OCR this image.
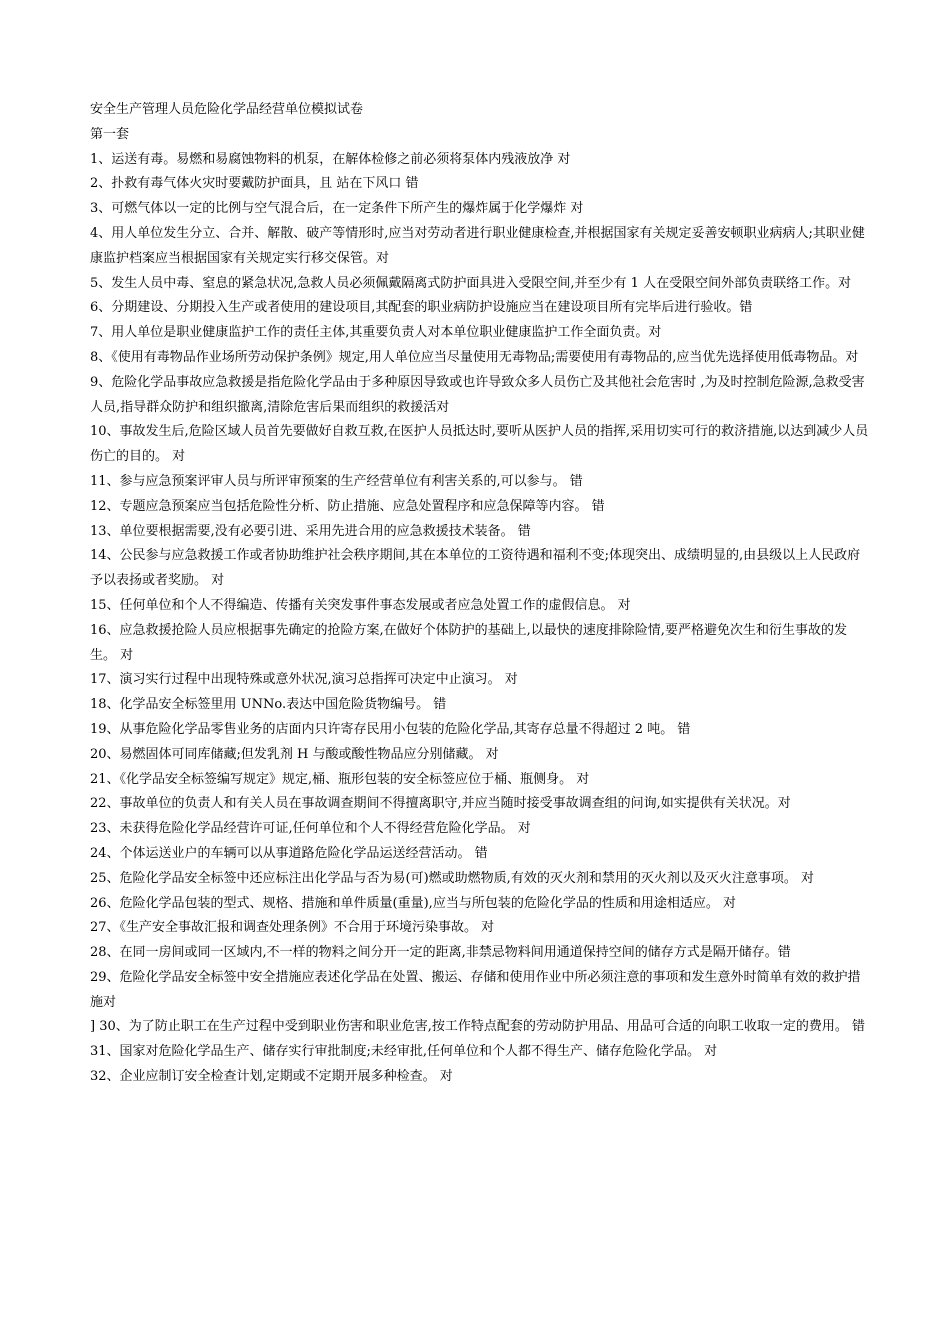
安全生产管理人员危险化学品经营单位模拟试卷

第一套

1、运送有毒。易燃和易腐蚀物料的机泵，在解体检修之前必须将泵体内残液放净 对

2、扑救有毒气体火灾时要戴防护面具，且 站在下风口 错

3、可燃气体以一定的比例与空气混合后，在一定条件下所产生的爆炸属于化学爆炸 对

4、用人单位发生分立、合并、解散、破产等情形时,应当对劳动者进行职业健康检查,并根据国家有关规定妥善安顿职业病病人;其职业健康监护档案应当根据国家有关规定实行移交保管。对

5、发生人员中毒、窒息的紧急状况,急救人员必须佩戴隔离式防护面具进入受限空间,并至少有 1 人在受限空间外部负责联络工作。对

6、分期建设、分期投入生产或者使用的建设项目,其配套的职业病防护设施应当在建设项目所有完毕后进行验收。错

7、用人单位是职业健康监护工作的责任主体,其重要负责人对本单位职业健康监护工作全面负责。对

8、《使用有毒物品作业场所劳动保护条例》规定,用人单位应当尽量使用无毒物品;需要使用有毒物品的,应当优先选择使用低毒物品。对

9、危险化学品事故应急救援是指危险化学品由于多种原因导致或也许导致众多人员伤亡及其他社会危害时 ,为及时控制危险源,急救受害人员,指导群众防护和组织撤离,清除危害后果而组织的救援活对

10、事故发生后,危险区域人员首先要做好自救互救,在医护人员抵达时,要听从医护人员的指挥,采用切实可行的救济措施,以达到减少人员伤亡的目的。 对

11、参与应急预案评审人员与所评审预案的生产经营单位有利害关系的,可以参与。 错

12、专题应急预案应当包括危险性分析、防止措施、应急处置程序和应急保障等内容。 错

13、单位要根据需要,没有必要引进、采用先进合用的应急救援技术装备。 错

14、公民参与应急救援工作或者协助维护社会秩序期间,其在本单位的工资待遇和福利不变;体现突出、成绩明显的,由县级以上人民政府予以表扬或者奖励。 对

15、任何单位和个人不得编造、传播有关突发事件事态发展或者应急处置工作的虚假信息。 对

16、应急救援抢险人员应根据事先确定的抢险方案,在做好个体防护的基础上,以最快的速度排除险情,要严格避免次生和衍生事故的发生。 对

17、演习实行过程中出现特殊或意外状况,演习总指挥可决定中止演习。 对

18、化学品安全标签里用 UNNo.表达中国危险货物编号。 错

19、从事危险化学品零售业务的店面内只许寄存民用小包装的危险化学品,其寄存总量不得超过 2 吨。 错

20、易燃固体可同库储藏;但发乳剂 H 与酸或酸性物品应分别储藏。 对

21、《化学品安全标签编写规定》规定,桶、瓶形包装的安全标签应位于桶、瓶侧身。 对

22、事故单位的负责人和有关人员在事故调查期间不得擅离职守,并应当随时接受事故调查组的问询,如实提供有关状况。对

23、未获得危险化学品经营许可证,任何单位和个人不得经营危险化学品。 对

24、个体运送业户的车辆可以从事道路危险化学品运送经营活动。 错

25、危险化学品安全标签中还应标注出化学品与否为易(可)燃或助燃物质,有效的灭火剂和禁用的灭火剂以及灭火注意事项。 对

26、危险化学品包装的型式、规格、措施和单件质量(重量),应当与所包装的危险化学品的性质和用途相适应。 对

27、《生产安全事故汇报和调查处理条例》不合用于环境污染事故。 对

28、在同一房间或同一区域内,不一样的物料之间分开一定的距离,非禁忌物料间用通道保持空间的储存方式是隔开储存。错

29、危险化学品安全标签中安全措施应表述化学品在处置、搬运、存储和使用作业中所必须注意的事项和发生意外时简单有效的救护措施对

] 30、为了防止职工在生产过程中受到职业伤害和职业危害,按工作特点配套的劳动防护用品、用品可合适的向职工收取一定的费用。 错

31、国家对危险化学品生产、储存实行审批制度;未经审批,任何单位和个人都不得生产、储存危险化学品。 对

32、企业应制订安全检查计划,定期或不定期开展多种检查。 对
